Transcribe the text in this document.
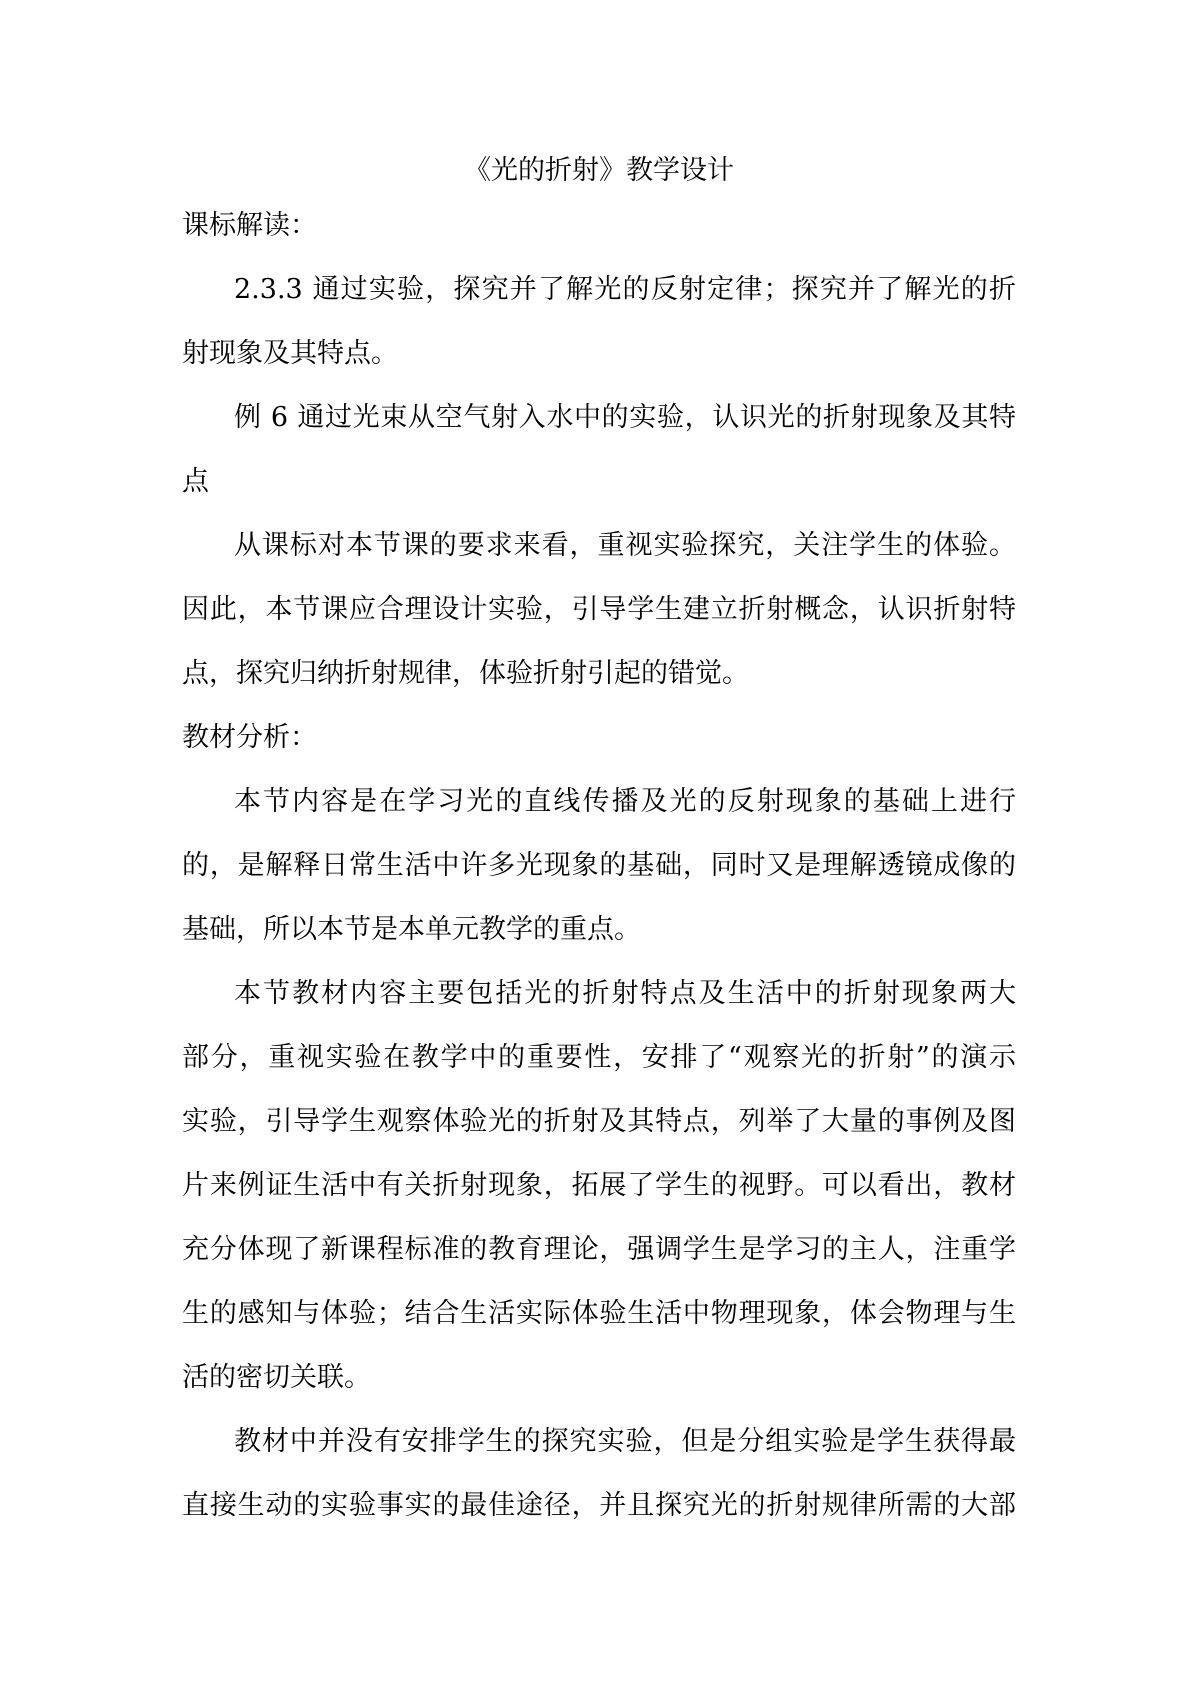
《光的折射》教学设计
课标解读：

2.3.3 通过实验，探究并了解光的反射定律；探究并了解光的折
射现象及其特点。

例 6 通过光束从空气射入水中的实验，认识光的折射现象及其特
点

从课标对本节课的要求来看，重视实验探究，关注学生的体验。
因此，本节课应合理设计实验，引导学生建立折射概念，认识折射特
点，探究归纳折射规律，体验折射引起的错觉。

教材分析：

本节内容是在学习光的直线传播及光的反射现象的基础上进行
的，是解释日常生活中许多光现象的基础，同时又是理解透镜成像的
基础，所以本节是本单元教学的重点。

本节教材内容主要包括光的折射特点及生活中的折射现象两大
部分，重视实验在教学中的重要性，安排了“观察光的折射”的演示
实验，引导学生观察体验光的折射及其特点，列举了大量的事例及图
片来例证生活中有关折射现象，拓展了学生的视野。可以看出，教材
充分体现了新课程标准的教育理论，强调学生是学习的主人，注重学
生的感知与体验；结合生活实际体验生活中物理现象，体会物理与生
活的密切关联。

教材中并没有安排学生的探究实验，但是分组实验是学生获得最
直接生动的实验事实的最佳途径，并且探究光的折射规律所需的大部
